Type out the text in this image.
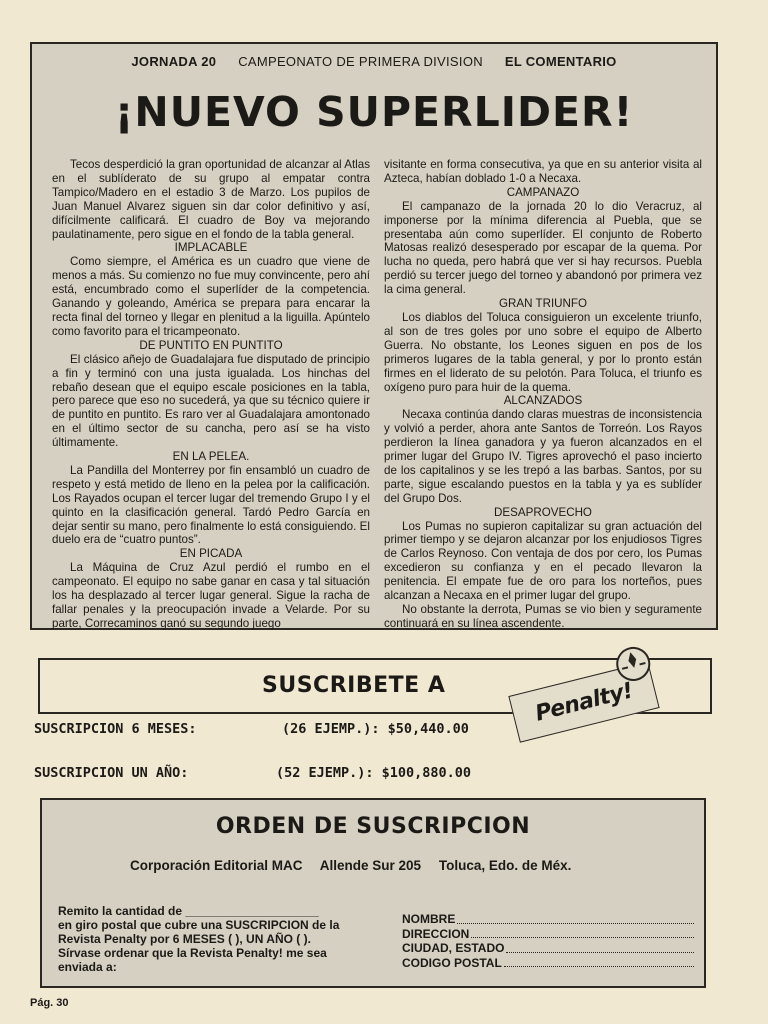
JORNADA 20 CAMPEONATO DE PRIMERA DIVISION EL COMENTARIO
¡NUEVO SUPERLIDER!

Tecos desperdició la gran oportunidad de alcanzar al Atlas en el sublíderato de su grupo al empatar contra Tampico/Madero en el estadio 3 de Marzo. Los pupilos de Juan Manuel Alvarez siguen sin dar color definitivo y así, difícilmente calificará. El cuadro de Boy va mejorando paulatinamente, pero sigue en el fondo de la tabla general.

IMPLACABLE

Como siempre, el América es un cuadro que viene de menos a más. Su comienzo no fue muy convincente, pero ahí está, encumbrado como el superlíder de la competencia. Ganando y goleando, América se prepara para encarar la recta final del torneo y llegar en plenitud a la liguilla. Apúntelo como favorito para el tricampeonato.

DE PUNTITO EN PUNTITO

El clásico añejo de Guadalajara fue disputado de principio a fin y terminó con una justa igualada. Los hinchas del rebaño desean que el equipo escale posiciones en la tabla, pero parece que eso no sucederá, ya que su técnico quiere ir de puntito en puntito. Es raro ver al Guadalajara amontonado en el último sector de su cancha, pero así se ha visto últimamente.

EN LA PELEA.

La Pandilla del Monterrey por fin ensambló un cuadro de respeto y está metido de lleno en la pelea por la calificación. Los Rayados ocupan el tercer lugar del tremendo Grupo I y el quinto en la clasificación general. Tardó Pedro García en dejar sentir su mano, pero finalmente lo está consiguiendo. El duelo era de “cuatro puntos”.

EN PICADA

La Máquina de Cruz Azul perdió el rumbo en el campeonato. El equipo no sabe ganar en casa y tal situación los ha desplazado al tercer lugar general. Sigue la racha de fallar penales y la preocupación invade a Velarde. Por su parte, Correcaminos ganó su segundo juego

visitante en forma consecutiva, ya que en su anterior visita al Azteca, habían doblado 1-0 a Necaxa.

CAMPANAZO

El campanazo de la jornada 20 lo dio Veracruz, al imponerse por la mínima diferencia al Puebla, que se presentaba aún como superlíder. El conjunto de Roberto Matosas realizó desesperado por escapar de la quema. Por lucha no queda, pero habrá que ver si hay recursos. Puebla perdió su tercer juego del torneo y abandonó por primera vez la cima general.

GRAN TRIUNFO

Los diablos del Toluca consiguieron un excelente triunfo, al son de tres goles por uno sobre el equipo de Alberto Guerra. No obstante, los Leones siguen en pos de los primeros lugares de la tabla general, y por lo pronto están firmes en el liderato de su pelotón. Para Toluca, el triunfo es oxígeno puro para huir de la quema.

ALCANZADOS

Necaxa continúa dando claras muestras de inconsistencia y volvió a perder, ahora ante Santos de Torreón. Los Rayos perdieron la línea ganadora y ya fueron alcanzados en el primer lugar del Grupo IV. Tigres aprovechó el paso incierto de los capitalinos y se les trepó a las barbas. Santos, por su parte, sigue escalando puestos en la tabla y ya es sublíder del Grupo Dos.

DESAPROVECHO

Los Pumas no supieron capitalizar su gran actuación del primer tiempo y se dejaron alcanzar por los enjudiosos Tigres de Carlos Reynoso. Con ventaja de dos por cero, los Pumas excedieron su confianza y en el pecado llevaron la penitencia. El empate fue de oro para los norteños, pues alcanzan a Necaxa en el primer lugar del grupo.

No obstante la derrota, Pumas se vio bien y seguramente continuará en su línea ascendente.

SUSCRIBETE A	Penalty!
SUSCRIPCION 6 MESES:	(26 EJEMP.): $50,440.00
SUSCRIPCION UN AÑO:	(52 EJEMP.): $100,880.00
ORDEN DE SUSCRIPCION
Corporación Editorial MAC Allende Sur 205 Toluca, Edo. de Méx.
Remito la cantidad de ____________________
en giro postal que cubre una SUSCRIPCION de la
Revista Penalty por 6 MESES ( ), UN AÑO ( ).
Sírvase ordenar que la Revista Penalty! me sea
enviada a:
NOMBRE
DIRECCION
CIUDAD, ESTADO
CODIGO POSTAL
Pág. 30
